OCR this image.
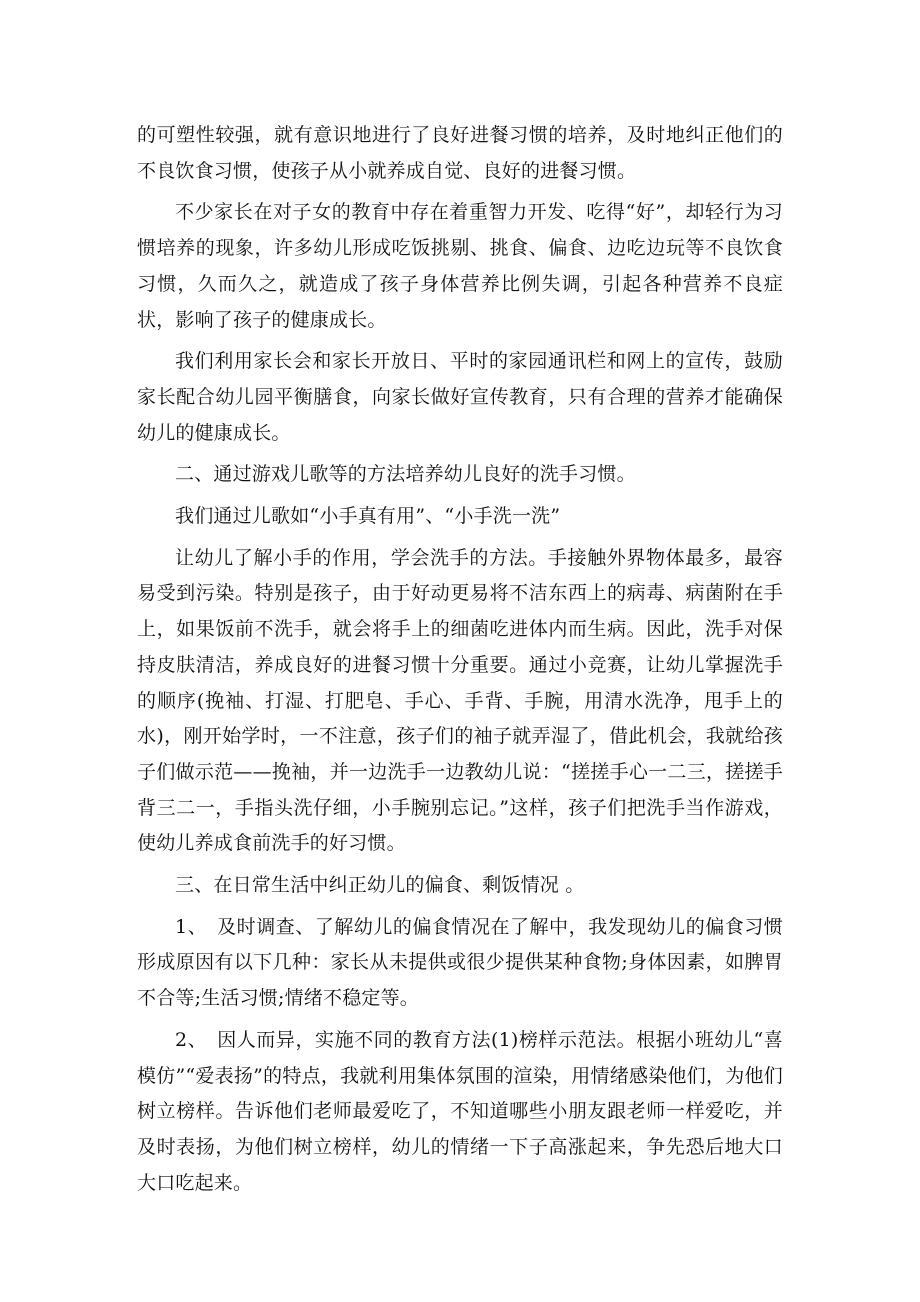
的可塑性较强，就有意识地进行了良好进餐习惯的培养，及时地纠正他们的不良饮食习惯，使孩子从小就养成自觉、良好的进餐习惯。

不少家长在对子女的教育中存在着重智力开发、吃得“好”，却轻行为习惯培养的现象，许多幼儿形成吃饭挑剔、挑食、偏食、边吃边玩等不良饮食习惯，久而久之，就造成了孩子身体营养比例失调，引起各种营养不良症状，影响了孩子的健康成长。

我们利用家长会和家长开放日、平时的家园通讯栏和网上的宣传，鼓励家长配合幼儿园平衡膳食，向家长做好宣传教育，只有合理的营养才能确保幼儿的健康成长。

二、通过游戏儿歌等的方法培养幼儿良好的洗手习惯。

我们通过儿歌如“小手真有用”、“小手洗一洗”

让幼儿了解小手的作用，学会洗手的方法。手接触外界物体最多，最容易受到污染。特别是孩子，由于好动更易将不洁东西上的病毒、病菌附在手上，如果饭前不洗手，就会将手上的细菌吃进体内而生病。因此，洗手对保持皮肤清洁，养成良好的进餐习惯十分重要。通过小竞赛，让幼儿掌握洗手的顺序(挽袖、打湿、打肥皂、手心、手背、手腕，用清水洗净，甩手上的水)，刚开始学时，一不注意，孩子们的袖子就弄湿了，借此机会，我就给孩子们做示范——挽袖，并一边洗手一边教幼儿说：“搓搓手心一二三，搓搓手背三二一，手指头洗仔细，小手腕别忘记。”这样，孩子们把洗手当作游戏，使幼儿养成食前洗手的好习惯。

三、在日常生活中纠正幼儿的偏食、剩饭情况 。

1、　及时调查、了解幼儿的偏食情况在了解中，我发现幼儿的偏食习惯形成原因有以下几种：家长从未提供或很少提供某种食物;身体因素，如脾胃不合等;生活习惯;情绪不稳定等。

2、　因人而异，实施不同的教育方法(1)榜样示范法。根据小班幼儿“喜模仿”“爱表扬”的特点，我就利用集体氛围的渲染，用情绪感染他们，为他们树立榜样。告诉他们老师最爱吃了，不知道哪些小朋友跟老师一样爱吃，并及时表扬，为他们树立榜样，幼儿的情绪一下子高涨起来，争先恐后地大口大口吃起来。
